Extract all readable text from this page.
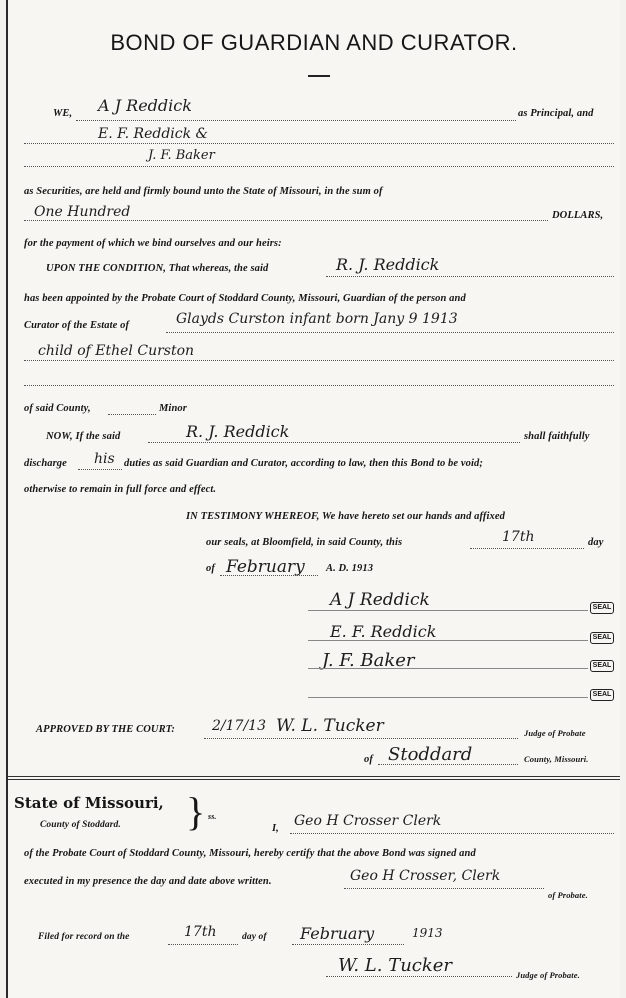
BOND OF GUARDIAN AND CURATOR.
WE, A J Reddick	as Principal, and
E. F. Reddick &
J. F. Baker
as Securities, are held and firmly bound unto the State of Missouri, in the sum of
One Hundred	DOLLARS,
for the payment of which we bind ourselves and our heirs:
UPON THE CONDITION, That whereas, the said	R. J. Reddick
has been appointed by the Probate Court of Stoddard County, Missouri, Guardian of the person and
Curator of the Estate of	Glayds Curston infant born Jany 9 1913
child of Ethel Curston
of said County,	Minor
NOW, If the said	R. J. Reddick	shall faithfully
discharge his duties as said Guardian and Curator, according to law, then this Bond to be void;
otherwise to remain in full force and effect.
IN TESTIMONY WHEREOF, We have hereto set our hands and affixed
our seals, at Bloomfield, in said County, this	17th	day
of February A. D. 1913
A J Reddick	SEAL
E. F. Reddick	SEAL
J. F. Baker	SEAL
SEAL
APPROVED BY THE COURT:	2/17/13 W. L. Tucker	Judge of Probate
of Stoddard	County, Missouri.
State of Missouri,
County of Stoddard. } ss.
I, Geo H Crosser Clerk
of the Probate Court of Stoddard County, Missouri, hereby certify that the above Bond was signed and
executed in my presence the day and date above written.	Geo H Crosser, Clerk
of Probate.
Filed for record on the	17th	day of February	1913
W. L. Tucker	Judge of Probate.
